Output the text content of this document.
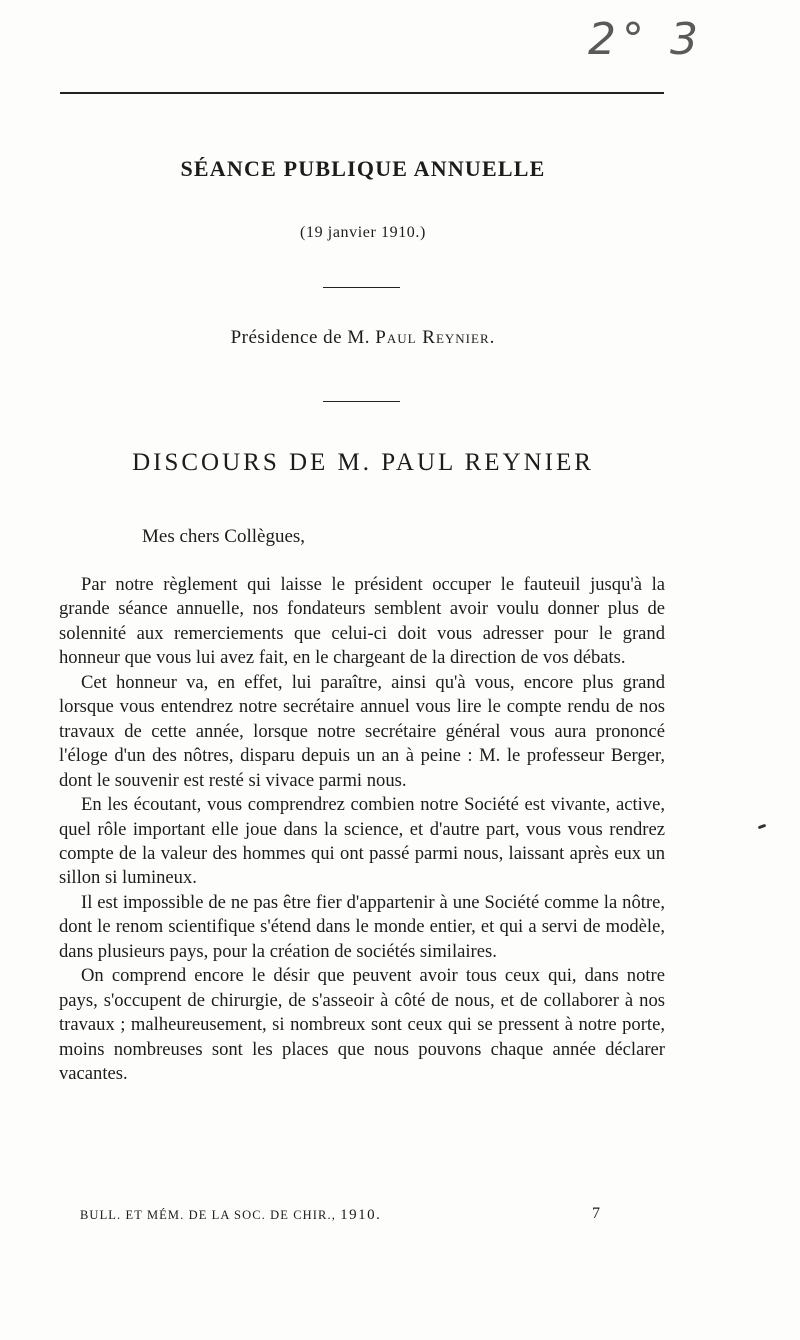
2° 3
SÉANCE PUBLIQUE ANNUELLE
(19 janvier 1910.)
Présidence de M. Paul Reynier.
DISCOURS DE M. PAUL REYNIER
Mes chers Collègues,

Par notre règlement qui laisse le président occuper le fauteuil jusqu'à la grande séance annuelle, nos fondateurs semblent avoir voulu donner plus de solennité aux remerciements que celui-ci doit vous adresser pour le grand honneur que vous lui avez fait, en le chargeant de la direction de vos débats.

Cet honneur va, en effet, lui paraître, ainsi qu'à vous, encore plus grand lorsque vous entendrez notre secrétaire annuel vous lire le compte rendu de nos travaux de cette année, lorsque notre secrétaire général vous aura prononcé l'éloge d'un des nôtres, disparu depuis un an à peine : M. le professeur Berger, dont le souvenir est resté si vivace parmi nous.

En les écoutant, vous comprendrez combien notre Société est vivante, active, quel rôle important elle joue dans la science, et d'autre part, vous vous rendrez compte de la valeur des hommes qui ont passé parmi nous, laissant après eux un sillon si lumineux.

Il est impossible de ne pas être fier d'appartenir à une Société comme la nôtre, dont le renom scientifique s'étend dans le monde entier, et qui a servi de modèle, dans plusieurs pays, pour la création de sociétés similaires.

On comprend encore le désir que peuvent avoir tous ceux qui, dans notre pays, s'occupent de chirurgie, de s'asseoir à côté de nous, et de collaborer à nos travaux ; malheureusement, si nombreux sont ceux qui se pressent à notre porte, moins nombreuses sont les places que nous pouvons chaque année déclarer vacantes.

BULL. ET MÉM. DE LA SOC. DE CHIR., 1910.	7
